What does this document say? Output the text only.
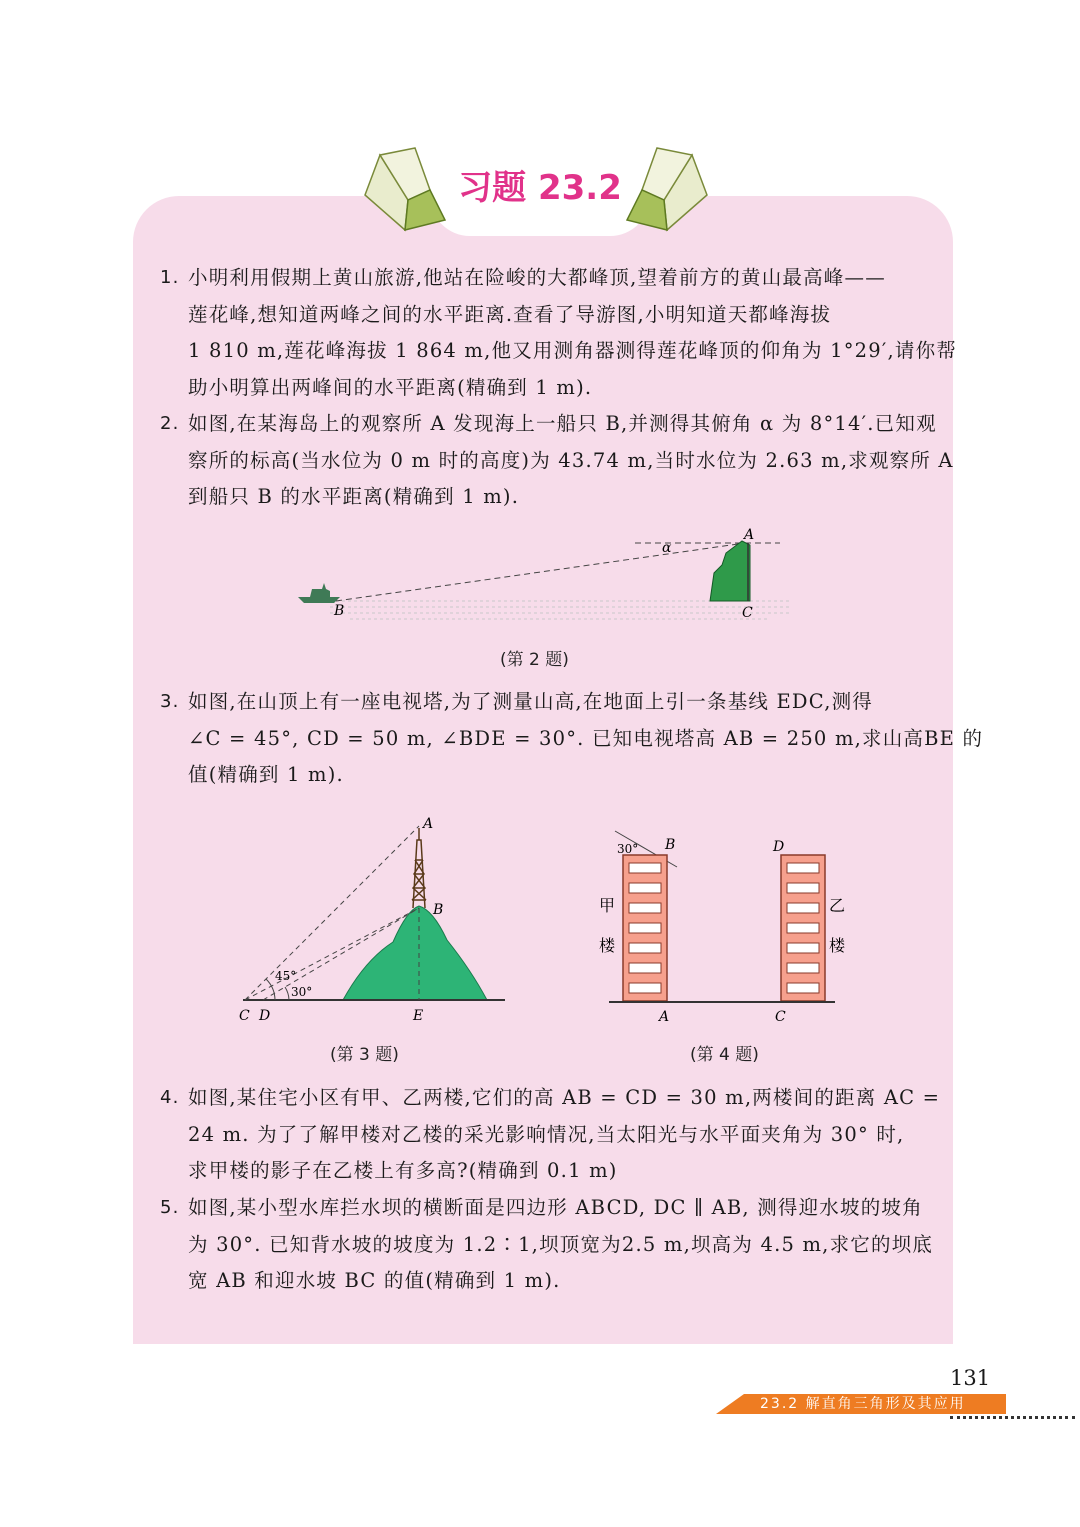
习题 23.2
1. 小明利用假期上黄山旅游,他站在险峻的大都峰顶,望着前方的黄山最高峰——
莲花峰,想知道两峰之间的水平距离.查看了导游图,小明知道天都峰海拔
1 810 m,莲花峰海拔 1 864 m,他又用测角器测得莲花峰顶的仰角为 1°29′,请你帮
助小明算出两峰间的水平距离(精确到 1 m).
2. 如图,在某海岛上的观察所 A 发现海上一船只 B,并测得其俯角 α 为 8°14′.已知观
察所的标高(当水位为 0 m 时的高度)为 43.74 m,当时水位为 2.63 m,求观察所 A
到船只 B 的水平距离(精确到 1 m).
α
A
B	C
(第 2 题)
3. 如图,在山顶上有一座电视塔,为了测量山高,在地面上引一条基线 EDC,测得
∠C = 45°, CD = 50 m, ∠BDE = 30°. 已知电视塔高 AB = 250 m,求山高BE 的
值(精确到 1 m).
45°
30°
A
B
C D	E
(第 3 题)
30° B	D
A	C
甲
楼
乙
楼
(第 4 题)
4. 如图,某住宅小区有甲、乙两楼,它们的高 AB = CD = 30 m,两楼间的距离 AC =
24 m. 为了了解甲楼对乙楼的采光影响情况,当太阳光与水平面夹角为 30° 时,
求甲楼的影子在乙楼上有多高?(精确到 0.1 m)
5. 如图,某小型水库拦水坝的横断面是四边形 ABCD, DC ∥ AB, 测得迎水坡的坡角
为 30°. 已知背水坡的坡度为 1.2∶1,坝顶宽为2.5 m,坝高为 4.5 m,求它的坝底
宽 AB 和迎水坡 BC 的值(精确到 1 m).
131
23.2 解直角三角形及其应用
